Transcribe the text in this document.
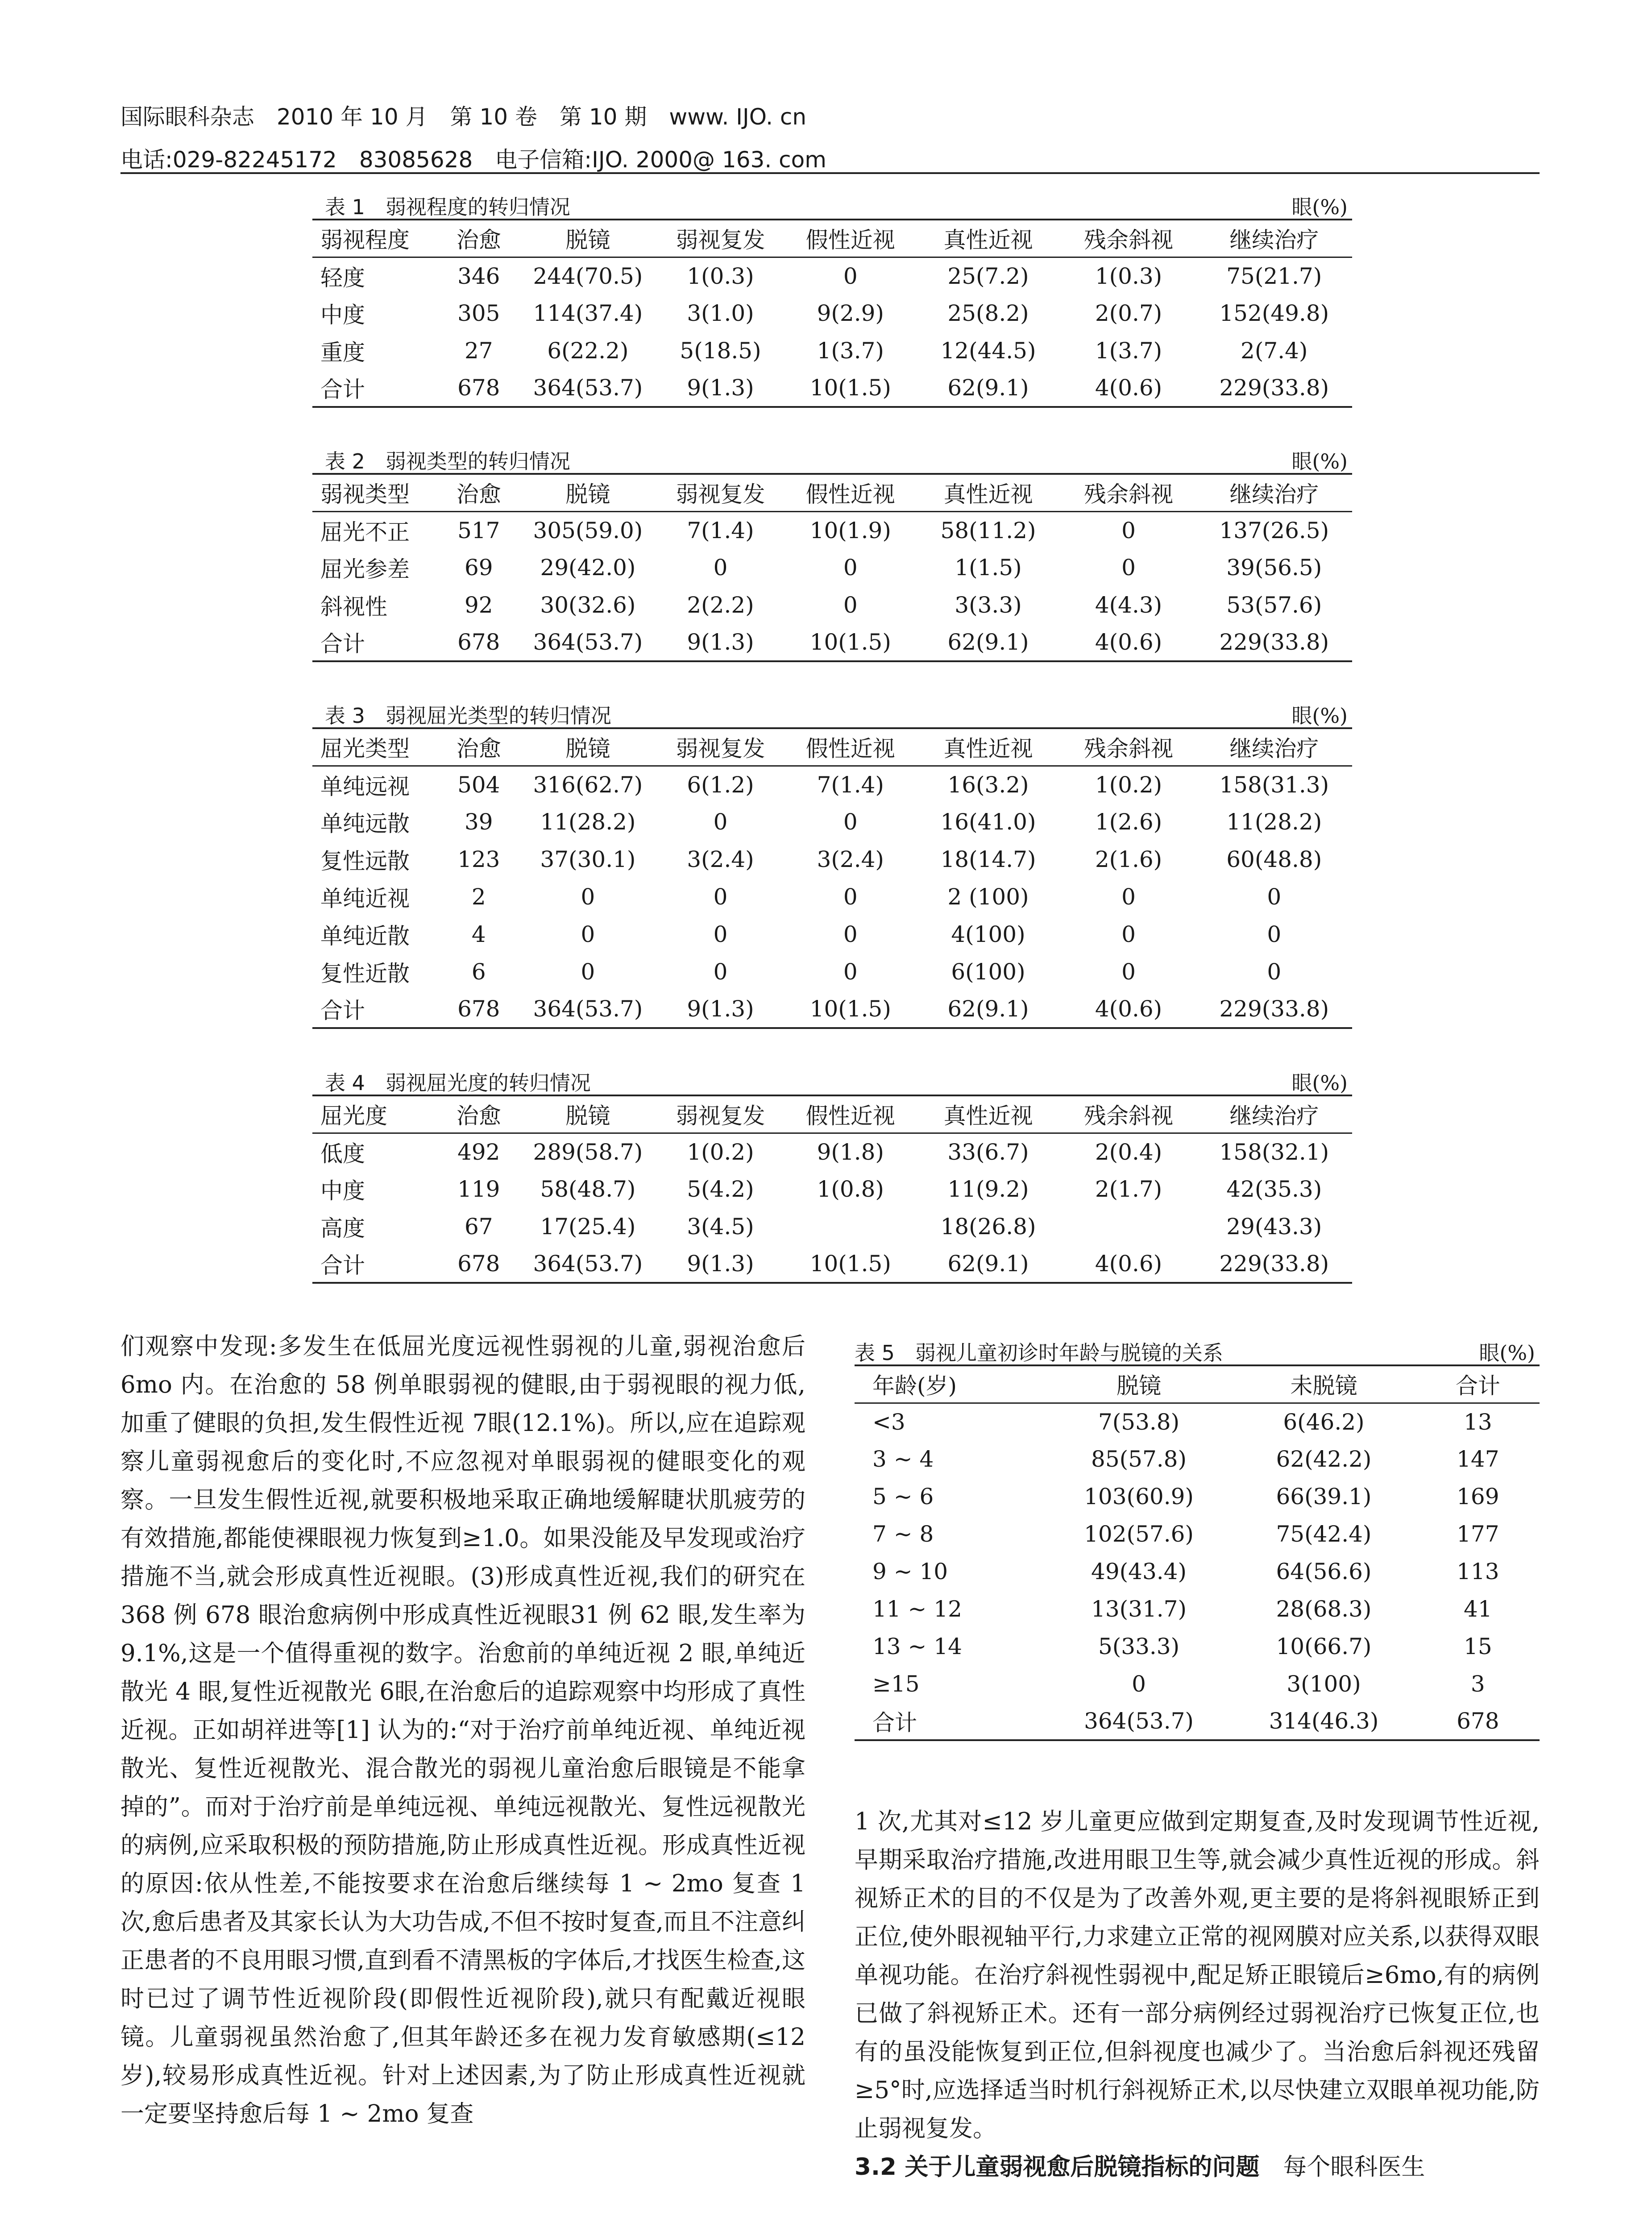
国际眼科杂志　2010 年 10 月　第 10 卷　第 10 期　www. IJO. cn
电话:029-82245172　83085628　电子信箱:IJO. 2000@ 163. com
表 1　弱视程度的转归情况	眼(%)
弱视程度	治愈	脱镜	弱视复发	假性近视	真性近视	残余斜视	继续治疗
轻度	346	244(70.5)	1(0.3)	0	25(7.2)	1(0.3)	75(21.7)
中度	305	114(37.4)	3(1.0)	9(2.9)	25(8.2)	2(0.7)	152(49.8)
重度	27	6(22.2)	5(18.5)	1(3.7)	12(44.5)	1(3.7)	2(7.4)
合计	678	364(53.7)	9(1.3)	10(1.5)	62(9.1)	4(0.6)	229(33.8)
表 2　弱视类型的转归情况	眼(%)
弱视类型	治愈	脱镜	弱视复发	假性近视	真性近视	残余斜视	继续治疗
屈光不正	517	305(59.0)	7(1.4)	10(1.9)	58(11.2)	0	137(26.5)
屈光参差	69	29(42.0)	0	0	1(1.5)	0	39(56.5)
斜视性	92	30(32.6)	2(2.2)	0	3(3.3)	4(4.3)	53(57.6)
合计	678	364(53.7)	9(1.3)	10(1.5)	62(9.1)	4(0.6)	229(33.8)
表 3　弱视屈光类型的转归情况	眼(%)
屈光类型	治愈	脱镜	弱视复发	假性近视	真性近视	残余斜视	继续治疗
单纯远视	504	316(62.7)	6(1.2)	7(1.4)	16(3.2)	1(0.2)	158(31.3)
单纯远散	39	11(28.2)	0	0	16(41.0)	1(2.6)	11(28.2)
复性远散	123	37(30.1)	3(2.4)	3(2.4)	18(14.7)	2(1.6)	60(48.8)
单纯近视	2	0	0	0	2 (100)	0	0
单纯近散	4	0	0	0	4(100)	0	0
复性近散	6	0	0	0	6(100)	0	0
合计	678	364(53.7)	9(1.3)	10(1.5)	62(9.1)	4(0.6)	229(33.8)
表 4　弱视屈光度的转归情况	眼(%)
屈光度	治愈	脱镜	弱视复发	假性近视	真性近视	残余斜视	继续治疗
低度	492	289(58.7)	1(0.2)	9(1.8)	33(6.7)	2(0.4)	158(32.1)
中度	119	58(48.7)	5(4.2)	1(0.8)	11(9.2)	2(1.7)	42(35.3)
高度	67	17(25.4)	3(4.5)		18(26.8)		29(43.3)
合计	678	364(53.7)	9(1.3)	10(1.5)	62(9.1)	4(0.6)	229(33.8)
表 5　弱视儿童初诊时年龄与脱镜的关系	眼(%)
年龄(岁)	脱镜	未脱镜	合计
<3	7(53.8)	6(46.2)	13
3 ~ 4	85(57.8)	62(42.2)	147
5 ~ 6	103(60.9)	66(39.1)	169
7 ~ 8	102(57.6)	75(42.4)	177
9 ~ 10	49(43.4)	64(56.6)	113
11 ~ 12	13(31.7)	28(68.3)	41
13 ~ 14	5(33.3)	10(66.7)	15
≥15	0	3(100)	3
合计	364(53.7)	314(46.3)	678

们观察中发现:多发生在低屈光度远视性弱视的儿童,弱视治愈后 6mo 内。在治愈的 58 例单眼弱视的健眼,由于弱视眼的视力低,加重了健眼的负担,发生假性近视 7眼(12.1%)。所以,应在追踪观察儿童弱视愈后的变化时,不应忽视对单眼弱视的健眼变化的观察。一旦发生假性近视,就要积极地采取正确地缓解睫状肌疲劳的有效措施,都能使裸眼视力恢复到≥1.0。如果没能及早发现或治疗措施不当,就会形成真性近视眼。(3)形成真性近视,我们的研究在 368 例 678 眼治愈病例中形成真性近视眼31 例 62 眼,发生率为 9.1%,这是一个值得重视的数字。治愈前的单纯近视 2 眼,单纯近散光 4 眼,复性近视散光 6眼,在治愈后的追踪观察中均形成了真性近视。正如胡祥进等[1] 认为的:“对于治疗前单纯近视、单纯近视散光、复性近视散光、混合散光的弱视儿童治愈后眼镜是不能拿掉的”。而对于治疗前是单纯远视、单纯远视散光、复性远视散光的病例,应采取积极的预防措施,防止形成真性近视。形成真性近视的原因:依从性差,不能按要求在治愈后继续每 1 ~ 2mo 复查 1 次,愈后患者及其家长认为大功告成,不但不按时复查,而且不注意纠正患者的不良用眼习惯,直到看不清黑板的字体后,才找医生检查,这时已过了调节性近视阶段(即假性近视阶段),就只有配戴近视眼镜。儿童弱视虽然治愈了,但其年龄还多在视力发育敏感期(≤12 岁),较易形成真性近视。针对上述因素,为了防止形成真性近视就一定要坚持愈后每 1 ~ 2mo 复查

1 次,尤其对≤12 岁儿童更应做到定期复查,及时发现调节性近视,早期采取治疗措施,改进用眼卫生等,就会减少真性近视的形成。斜视矫正术的目的不仅是为了改善外观,更主要的是将斜视眼矫正到正位,使外眼视轴平行,力求建立正常的视网膜对应关系,以获得双眼单视功能。在治疗斜视性弱视中,配足矫正眼镜后≥6mo,有的病例已做了斜视矫正术。还有一部分病例经过弱视治疗已恢复正位,也有的虽没能恢复到正位,但斜视度也减少了。当治愈后斜视还残留≥5°时,应选择适当时机行斜视矫正术,以尽快建立双眼单视功能,防止弱视复发。

3.2 关于儿童弱视愈后脱镜指标的问题　每个眼科医生
